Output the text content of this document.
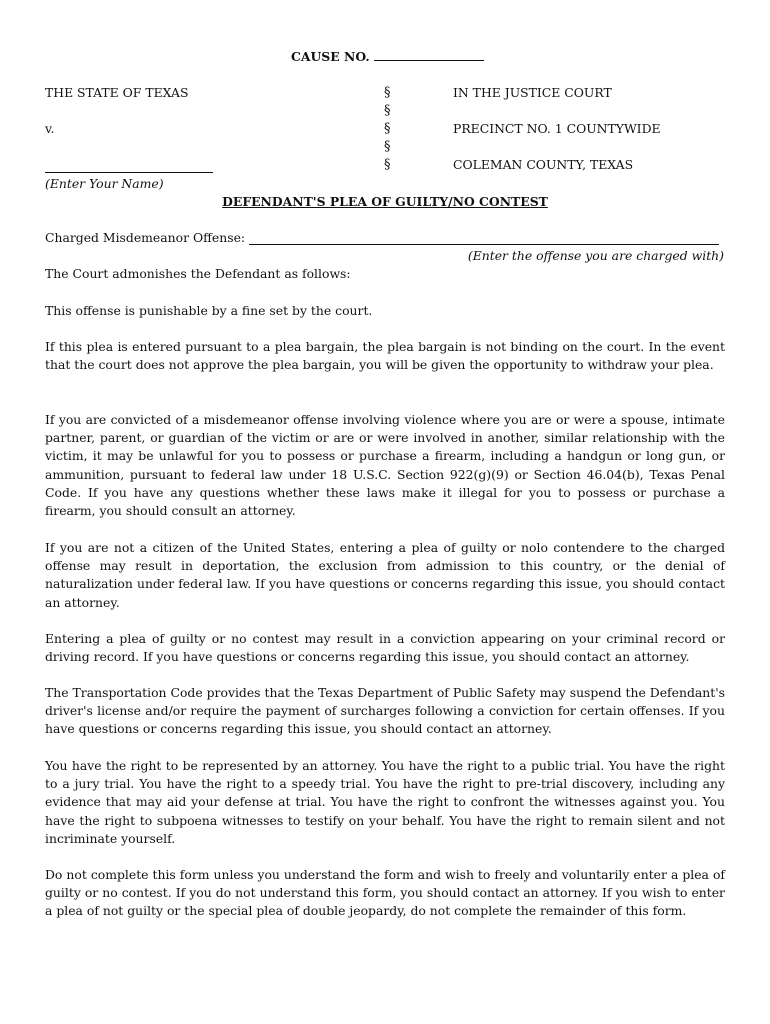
CAUSE NO.
THE STATE OF TEXAS
v.
§
§
§
§
§
IN THE JUSTICE COURT
PRECINCT NO. 1 COUNTYWIDE
COLEMAN COUNTY, TEXAS
(Enter Your Name)
DEFENDANT'S PLEA OF GUILTY/NO CONTEST
Charged Misdemeanor Offense:
(Enter the offense you are charged with)

The Court admonishes the Defendant as follows:

This offense is punishable by a fine set by the court.

If this plea is entered pursuant to a plea bargain, the plea bargain is not binding on the court. In the event that the court does not approve the plea bargain, you will be given the opportunity to withdraw your plea.

If you are convicted of a misdemeanor offense involving violence where you are or were a spouse, intimate partner, parent, or guardian of the victim or are or were involved in another, similar relationship with the victim, it may be unlawful for you to possess or purchase a firearm, including a handgun or long gun, or ammunition, pursuant to federal law under 18 U.S.C. Section 922(g)(9) or Section 46.04(b), Texas Penal Code. If you have any questions whether these laws make it illegal for you to possess or purchase a firearm, you should consult an attorney.

If you are not a citizen of the United States, entering a plea of guilty or nolo contendere to the charged offense may result in deportation, the exclusion from admission to this country, or the denial of naturalization under federal law. If you have questions or concerns regarding this issue, you should contact an attorney.

Entering a plea of guilty or no contest may result in a conviction appearing on your criminal record or driving record. If you have questions or concerns regarding this issue, you should contact an attorney.

The Transportation Code provides that the Texas Department of Public Safety may suspend the Defendant's driver's license and/or require the payment of surcharges following a conviction for certain offenses. If you have questions or concerns regarding this issue, you should contact an attorney.

You have the right to be represented by an attorney. You have the right to a public trial. You have the right to a jury trial. You have the right to a speedy trial. You have the right to pre-trial discovery, including any evidence that may aid your defense at trial. You have the right to confront the witnesses against you. You have the right to subpoena witnesses to testify on your behalf. You have the right to remain silent and not incriminate yourself.

Do not complete this form unless you understand the form and wish to freely and voluntarily enter a plea of guilty or no contest. If you do not understand this form, you should contact an attorney. If you wish to enter a plea of not guilty or the special plea of double jeopardy, do not complete the remainder of this form.
